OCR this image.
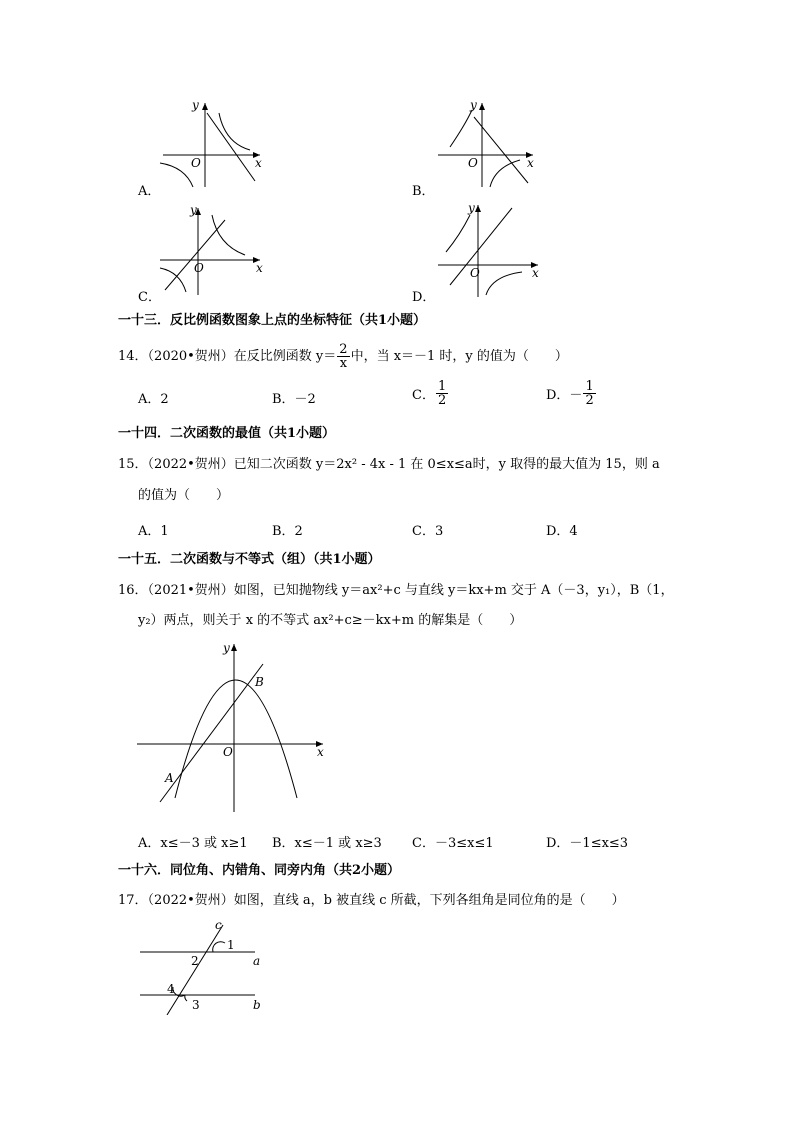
y
x
O
A．
y
x
O
B．
y
x
O
C．
y
x
O
D．
一十三．反比例函数图象上点的坐标特征（共1小题）
14．（2020•贺州）在反比例函数 $y= \frac{2}{x}$ 中，当 x＝－1 时，y 的值为（　　）
A．2	B．－2	C． $\frac{1}{2}$	D．－ $\frac{1}{2}$
一十四．二次函数的最值（共1小题）
15．（2022•贺州）已知二次函数 y＝2x² - 4x - 1 在 0≤x≤a时，y 取得的最大值为 15，则 a
的值为（　　）
A．1	B．2	C．3	D．4
一十五．二次函数与不等式（组）（共1小题）
16．（2021•贺州）如图，已知抛物线 y＝ax²+c 与直线 y＝kx+m 交于 A（－3，y₁），B（1，
y₂）两点，则关于 x 的不等式 ax²+c≥－kx+m 的解集是（　　）
y
x
O
A
B
A．x≤－3 或 x≥1 B．x≤－1 或 x≥3 C．－3≤x≤1	D．－1≤x≤3
一十六．同位角、内错角、同旁内角（共2小题）
17．（2022•贺州）如图，直线 a，b 被直线 c 所截，下列各组角是同位角的是（　　）
c
a
b
1
2
3
4
